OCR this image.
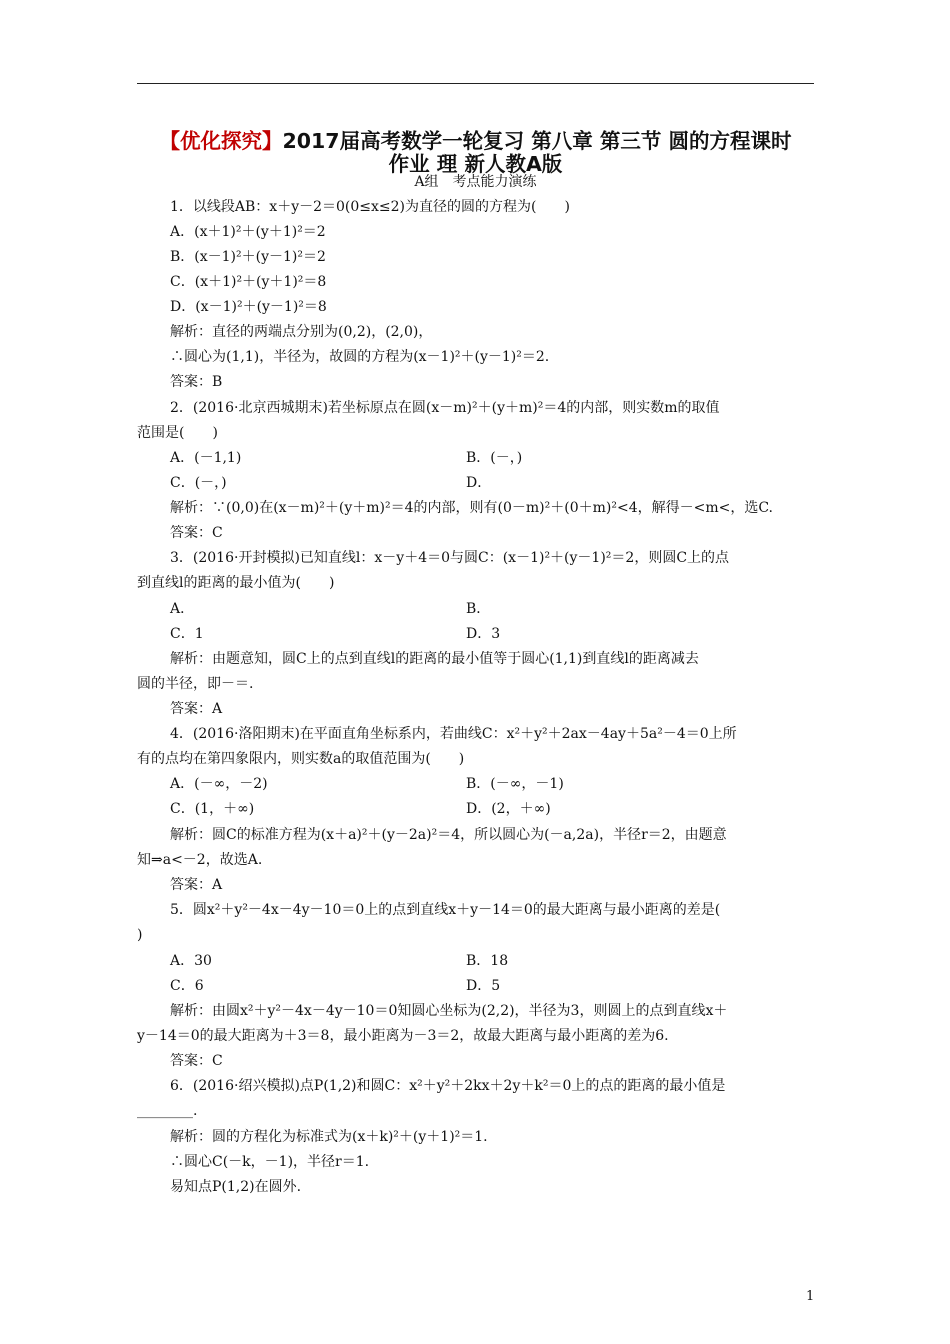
【优化探究】2017届高考数学一轮复习 第八章 第三节 圆的方程课时
作业 理 新人教A版
A组　考点能力演练
1．以线段AB：x＋y－2＝0(0≤x≤2)为直径的圆的方程为(　　)
A．(x＋1)²＋(y＋1)²＝2
B．(x－1)²＋(y－1)²＝2
C．(x＋1)²＋(y＋1)²＝8
D．(x－1)²＋(y－1)²＝8
解析：直径的两端点分别为(0,2)，(2,0)，
∴圆心为(1,1)，半径为，故圆的方程为(x－1)²＋(y－1)²＝2.
答案：B
2．(2016·北京西城期末)若坐标原点在圆(x－m)²＋(y＋m)²＝4的内部，则实数m的取值
范围是(　　)
A．(－1,1)	B．(－，)
C．(－，)	D．
解析：∵(0,0)在(x－m)²＋(y＋m)²＝4的内部，则有(0－m)²＋(0＋m)²<4，解得－<m<，选C.
答案：C
3．(2016·开封模拟)已知直线l：x－y＋4＝0与圆C：(x－1)²＋(y－1)²＝2，则圆C上的点
到直线l的距离的最小值为(　　)
A．	B．
C．1	D．3
解析：由题意知，圆C上的点到直线l的距离的最小值等于圆心(1,1)到直线l的距离减去
圆的半径，即－＝.
答案：A
4．(2016·洛阳期末)在平面直角坐标系内，若曲线C：x²＋y²＋2ax－4ay＋5a²－4＝0上所
有的点均在第四象限内，则实数a的取值范围为(　　)
A．(－∞，－2)	B．(－∞，－1)
C．(1，＋∞)	D．(2，＋∞)
解析：圆C的标准方程为(x＋a)²＋(y－2a)²＝4，所以圆心为(－a,2a)，半径r＝2，由题意
知⇒a<－2，故选A.
答案：A
5．圆x²＋y²－4x－4y－10＝0上的点到直线x＋y－14＝0的最大距离与最小距离的差是(
)
A．30	B．18
C．6	D．5
解析：由圆x²＋y²－4x－4y－10＝0知圆心坐标为(2,2)，半径为3，则圆上的点到直线x＋
y－14＝0的最大距离为＋3＝8，最小距离为－3＝2，故最大距离与最小距离的差为6.
答案：C
6．(2016·绍兴模拟)点P(1,2)和圆C：x²＋y²＋2kx＋2y＋k²＝0上的点的距离的最小值是
________.
解析：圆的方程化为标准式为(x＋k)²＋(y＋1)²＝1.
∴圆心C(－k，－1)，半径r＝1.
易知点P(1,2)在圆外.
1
